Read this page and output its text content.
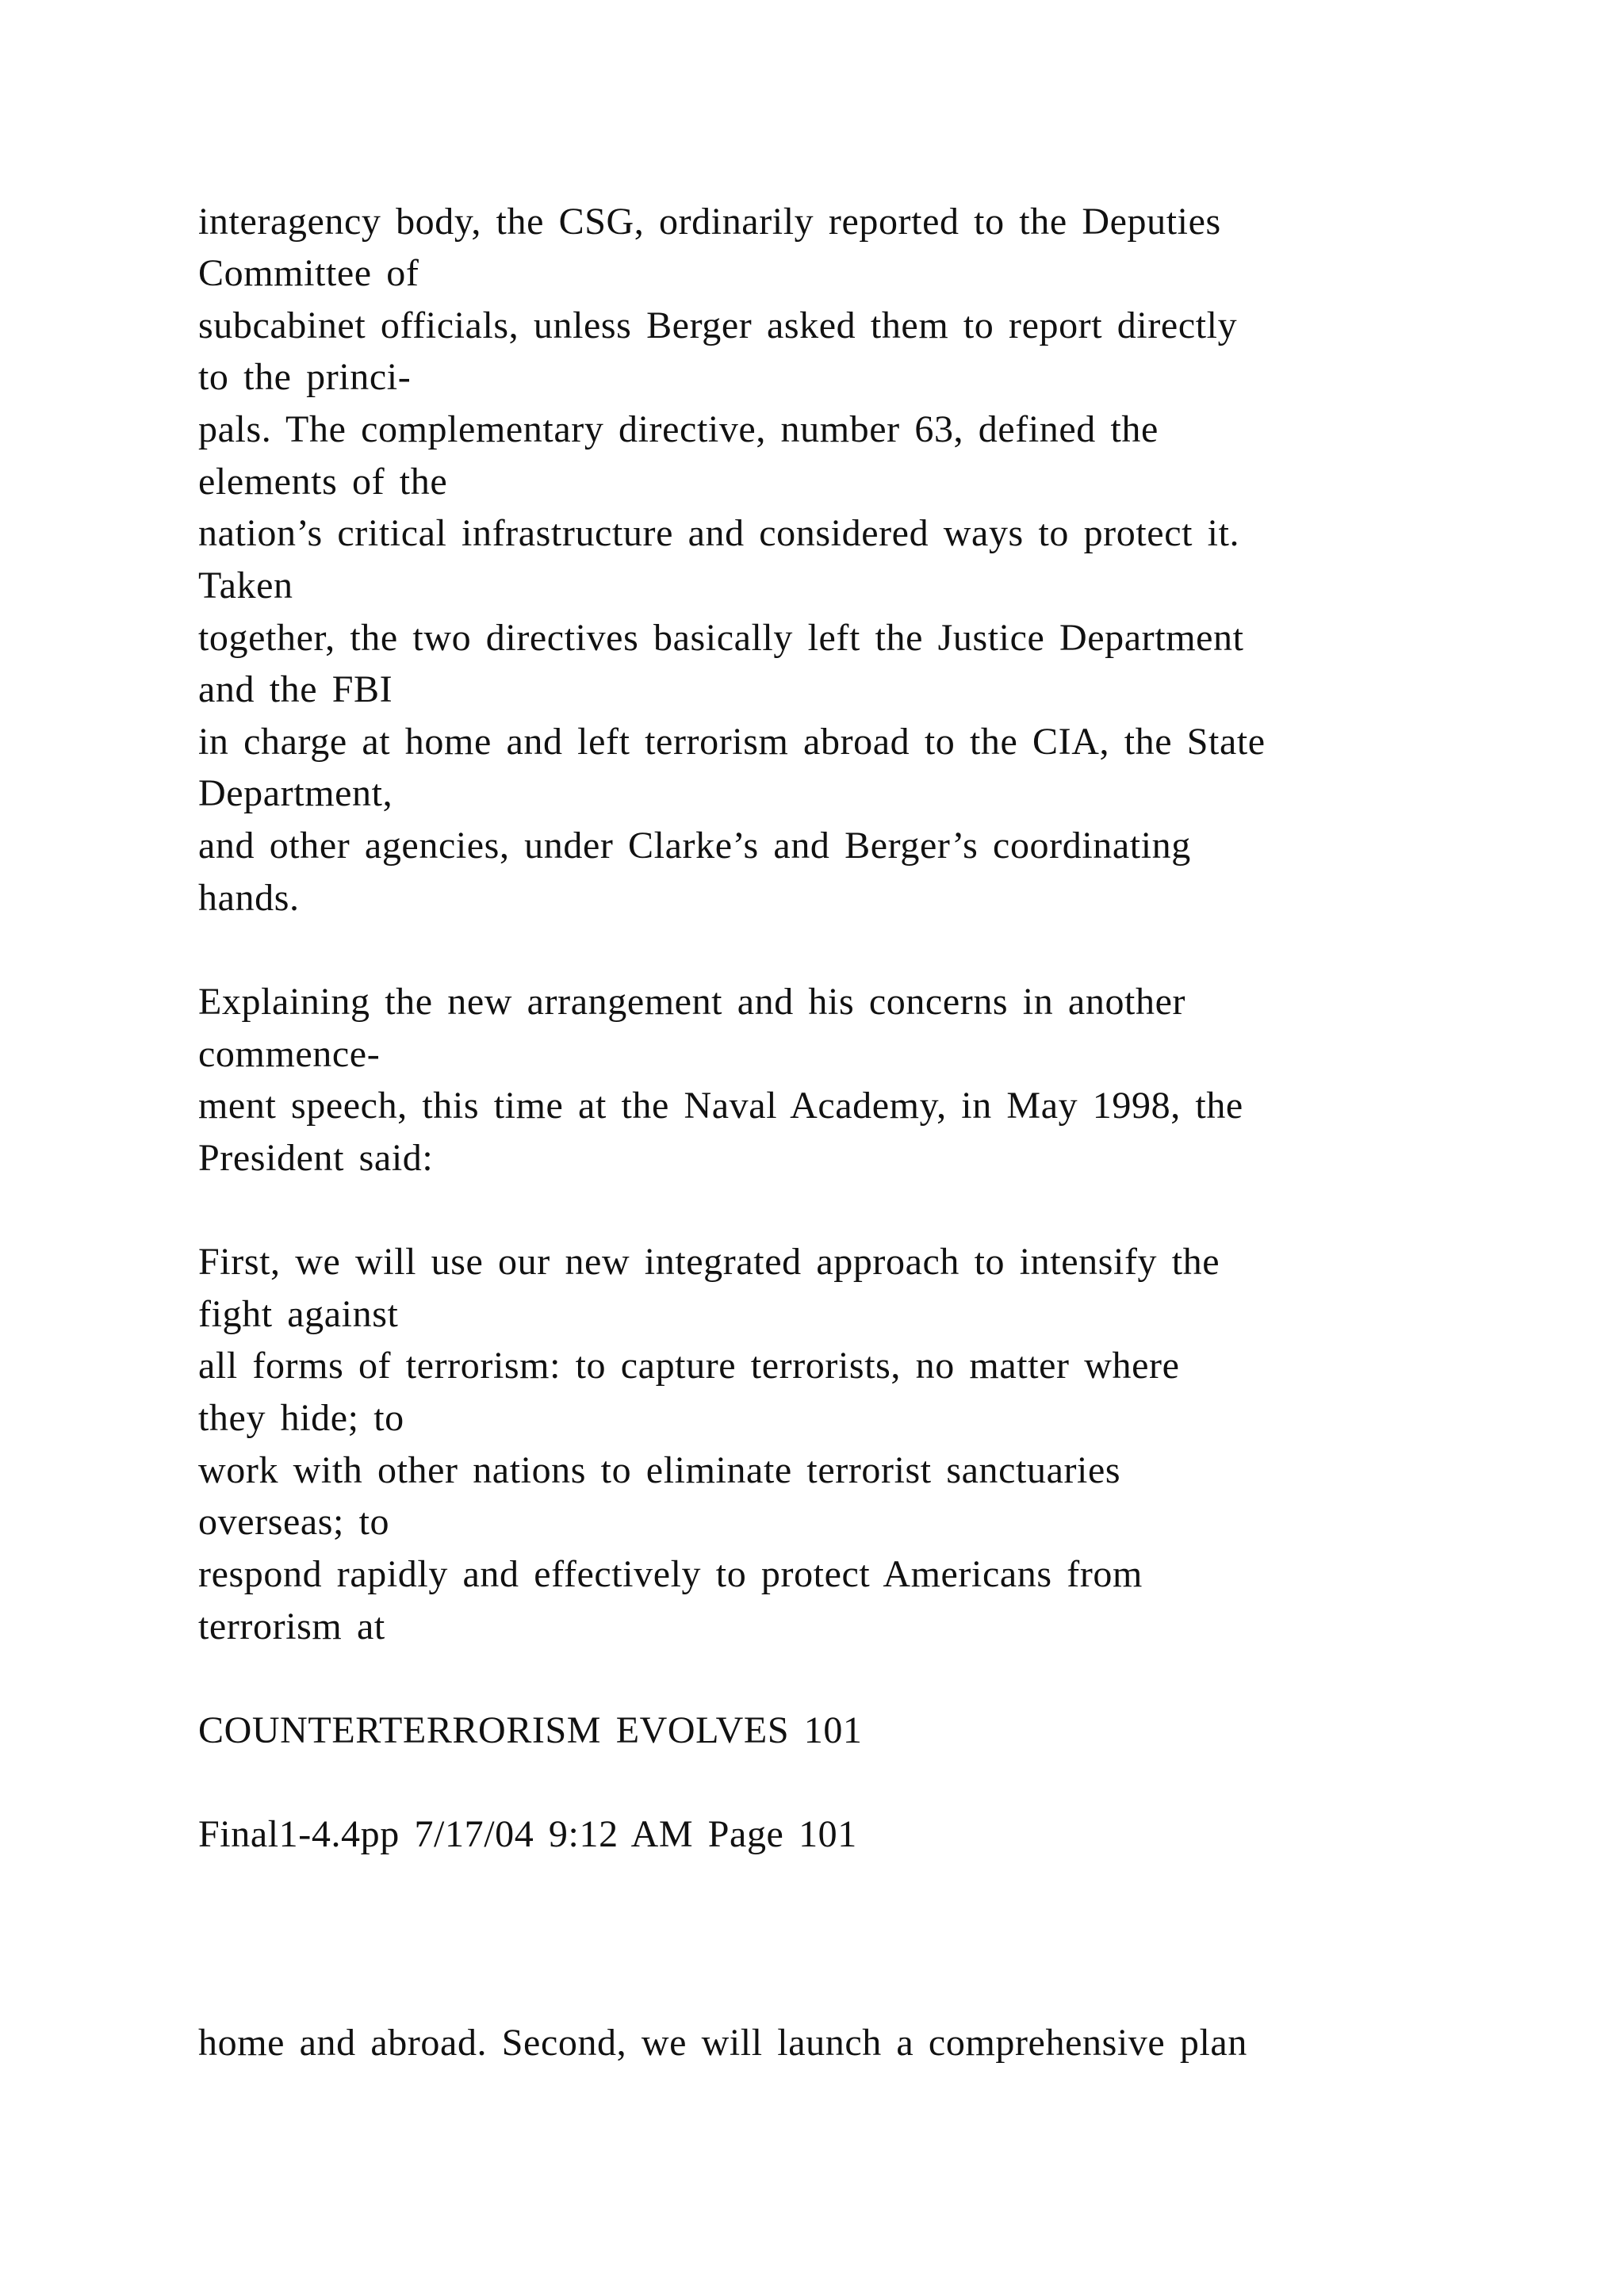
interagency body, the CSG, ordinarily reported to the Deputies

Committee of

subcabinet officials, unless Berger asked them to report directly

to the princi-

pals. The complementary directive, number 63, defined the

elements of the

nation’s critical infrastructure and considered ways to protect it.

Taken

together, the two directives basically left the Justice Department

and the FBI

in charge at home and left terrorism abroad to the CIA, the State

Department,

and other agencies, under Clarke’s and Berger’s coordinating

hands.

Explaining the new arrangement and his concerns in another

commence-

ment speech, this time at the Naval Academy, in May 1998, the

President said:

First, we will use our new integrated approach to intensify the

fight against

all forms of terrorism: to capture terrorists, no matter where

they hide; to

work with other nations to eliminate terrorist sanctuaries

overseas; to

respond rapidly and effectively to protect Americans from

terrorism at

COUNTERTERRORISM EVOLVES 101

Final1-4.4pp 7/17/04 9:12 AM Page 101

home and abroad. Second, we will launch a comprehensive plan
